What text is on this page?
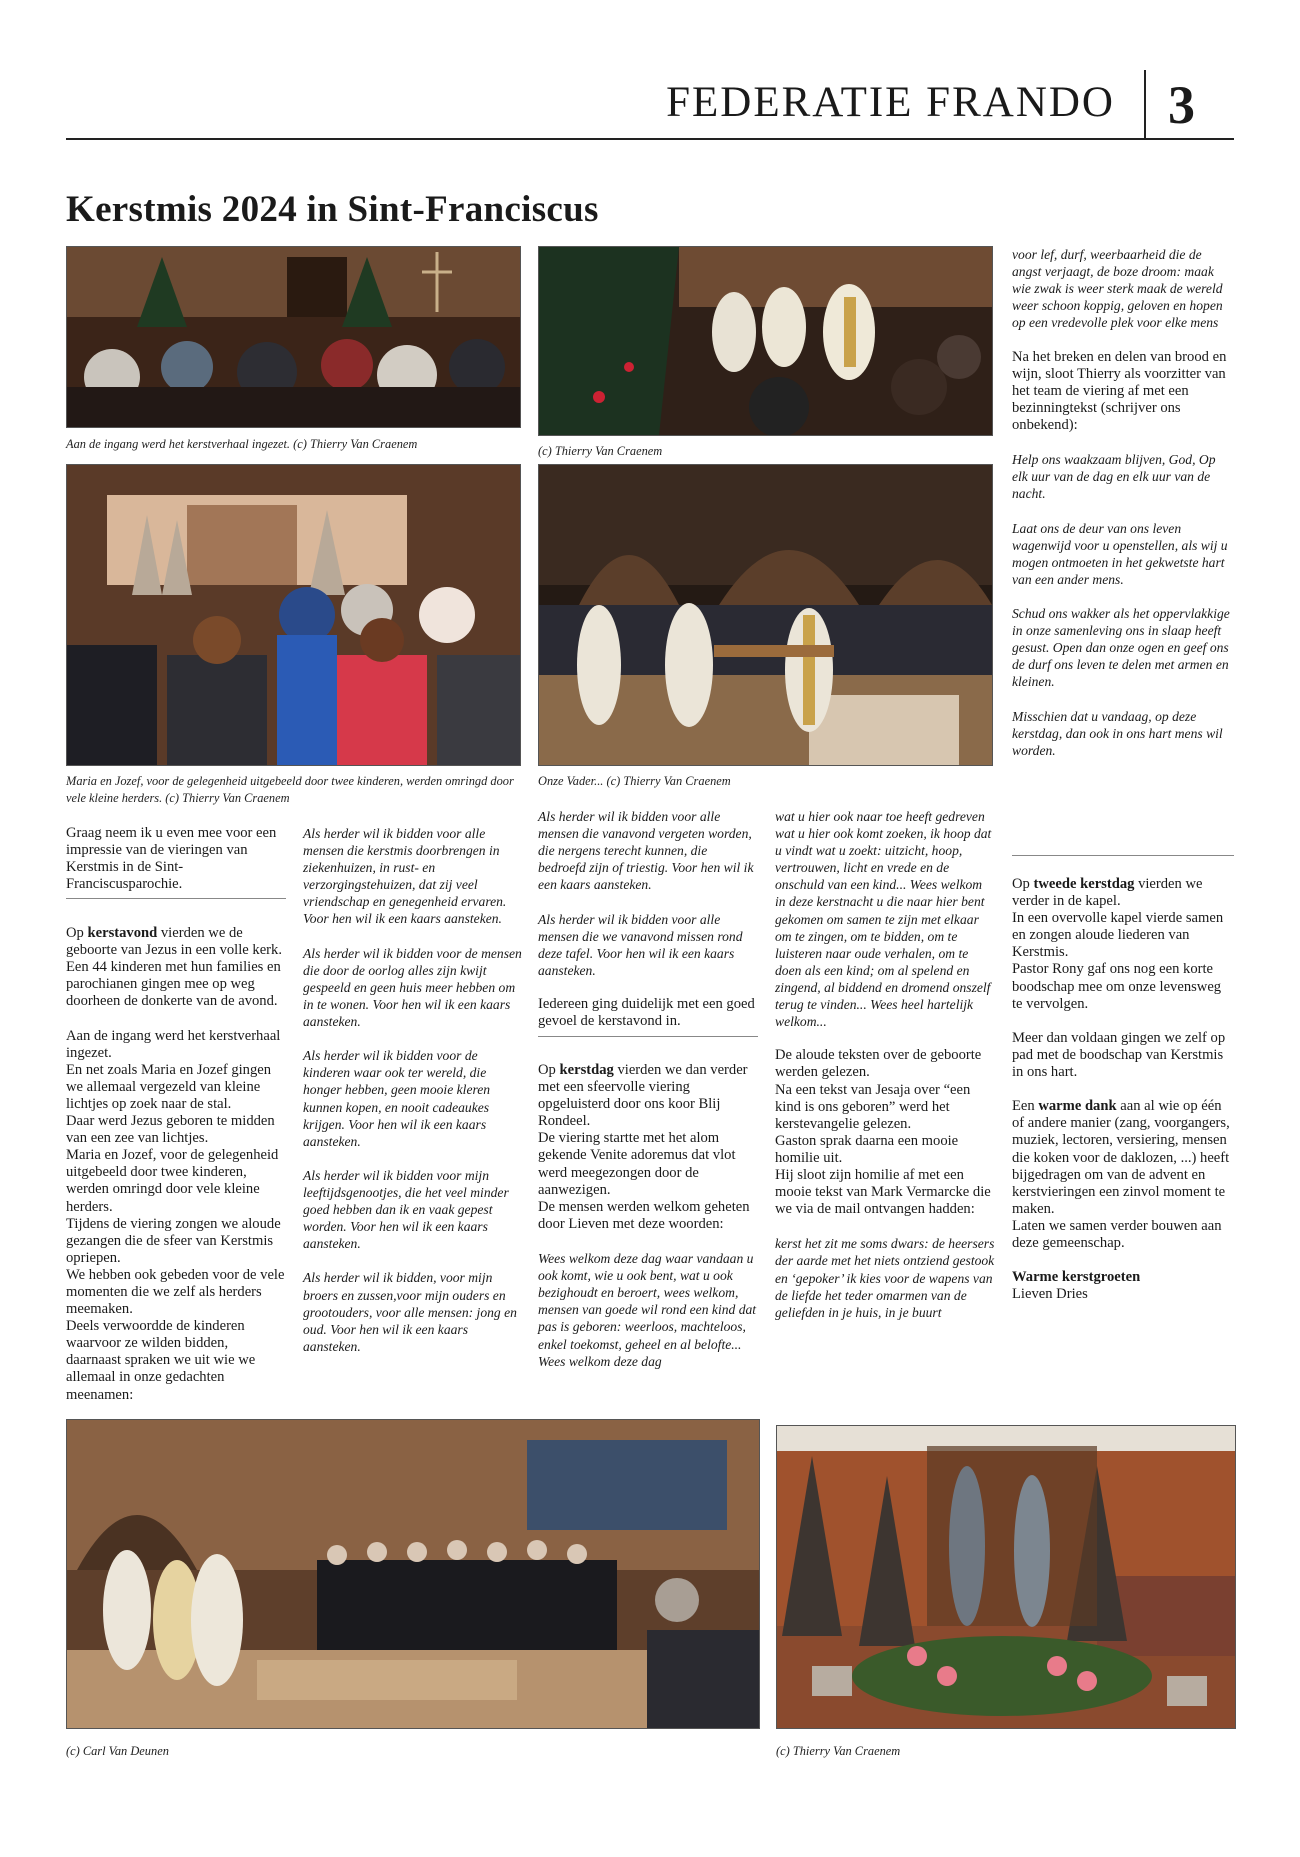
FEDERATIE FRANDO 3
Kerstmis 2024 in Sint-Franciscus
Aan de ingang werd het kerstverhaal ingezet. (c) Thierry Van Craenem	(c) Thierry Van Craenem
Maria en Jozef, voor de gelegenheid uitgebeeld door twee kinderen, werden omringd door vele kleine herders. (c) Thierry Van Craenem
Onze Vader... (c) Thierry Van Craenem

Graag neem ik u even mee voor een impressie van de vieringen van Kerstmis in de Sint-Franciscusparochie.

Op kerstavond vierden we de geboorte van Jezus in een volle kerk. Een 44 kinderen met hun families en parochianen gingen mee op weg doorheen de donkerte van de avond.

Aan de ingang werd het kerstverhaal ingezet.

En net zoals Maria en Jozef gingen we allemaal vergezeld van kleine lichtjes op zoek naar de stal.

Daar werd Jezus geboren te midden van een zee van lichtjes.

Maria en Jozef, voor de gelegenheid uitgebeeld door twee kinderen, werden omringd door vele kleine herders.

Tijdens de viering zongen we aloude gezangen die de sfeer van Kerstmis opriepen.

We hebben ook gebeden voor de vele momenten die we zelf als herders meemaken.

Deels verwoordde de kinderen waarvoor ze wilden bidden, daarnaast spraken we uit wie we allemaal in onze gedachten meenamen:

Als herder wil ik bidden voor alle mensen die kerstmis doorbrengen in ziekenhuizen, in rust- en verzorgingstehuizen, dat zij veel vriendschap en genegenheid ervaren. Voor hen wil ik een kaars aansteken.

Als herder wil ik bidden voor de mensen die door de oorlog alles zijn kwijt gespeeld en geen huis meer hebben om in te wonen. Voor hen wil ik een kaars aansteken.

Als herder wil ik bidden voor de kinderen waar ook ter wereld, die honger hebben, geen mooie kleren kunnen kopen, en nooit cadeaukes krijgen. Voor hen wil ik een kaars aansteken.

Als herder wil ik bidden voor mijn leeftijdsgenootjes, die het veel minder goed hebben dan ik en vaak gepest worden. Voor hen wil ik een kaars aansteken.

Als herder wil ik bidden, voor mijn broers en zussen,voor mijn ouders en grootouders, voor alle mensen: jong en oud. Voor hen wil ik een kaars aansteken.

Als herder wil ik bidden voor alle mensen die vanavond vergeten worden, die nergens terecht kunnen, die bedroefd zijn of triestig. Voor hen wil ik een kaars aansteken.

Als herder wil ik bidden voor alle mensen die we vanavond missen rond deze tafel. Voor hen wil ik een kaars aansteken.

Iedereen ging duidelijk met een goed gevoel de kerstavond in.

Op kerstdag vierden we dan verder met een sfeervolle viering opgeluisterd door ons koor Blij Rondeel.

De viering startte met het alom gekende Venite adoremus dat vlot werd meegezongen door de aanwezigen.

De mensen werden welkom geheten door Lieven met deze woorden:

Wees welkom deze dag waar vandaan u ook komt, wie u ook bent, wat u ook bezighoudt en beroert, wees welkom, mensen van goede wil rond een kind dat pas is geboren: weerloos, machteloos, enkel toekomst, geheel en al belofte... Wees welkom deze dag

wat u hier ook naar toe heeft gedreven wat u hier ook komt zoeken, ik hoop dat u vindt wat u zoekt: uitzicht, hoop, vertrouwen, licht en vrede en de onschuld van een kind... Wees welkom in deze kerstnacht u die naar hier bent gekomen om samen te zijn met elkaar om te zingen, om te bidden, om te luisteren naar oude verhalen, om te doen als een kind; om al spelend en zingend, al biddend en dromend onszelf terug te vinden... Wees heel hartelijk welkom...

De aloude teksten over de geboorte werden gelezen.

Na een tekst van Jesaja over “een kind is ons geboren” werd het kerstevangelie gelezen.

Gaston sprak daarna een mooie homilie uit.

Hij sloot zijn homilie af met een mooie tekst van Mark Vermarcke die we via de mail ontvangen hadden:

kerst het zit me soms dwars: de heersers der aarde met het niets ontziend gestook en ‘gepoker’ ik kies voor de wapens van de liefde het teder omarmen van de geliefden in je huis, in je buurt

voor lef, durf, weerbaarheid die de angst verjaagt, de boze droom: maak wie zwak is weer sterk maak de wereld weer schoon koppig, geloven en hopen op een vredevolle plek voor elke mens

Na het breken en delen van brood en wijn, sloot Thierry als voorzitter van het team de viering af met een bezinningtekst (schrijver ons onbekend):

Help ons waakzaam blijven, God, Op elk uur van de dag en elk uur van de nacht.

Laat ons de deur van ons leven wagenwijd voor u openstellen, als wij u mogen ontmoeten in het gekwetste hart van een ander mens.

Schud ons wakker als het oppervlakkige in onze samenleving ons in slaap heeft gesust. Open dan onze ogen en geef ons de durf ons leven te delen met armen en kleinen.

Misschien dat u vandaag, op deze kerstdag, dan ook in ons hart mens wil worden.

Op tweede kerstdag vierden we verder in de kapel.

In een overvolle kapel vierde samen en zongen aloude liederen van Kerstmis.

Pastor Rony gaf ons nog een korte boodschap mee om onze levensweg te vervolgen.

Meer dan voldaan gingen we zelf op pad met de boodschap van Kerstmis in ons hart.

Een warme dank aan al wie op één of andere manier (zang, voorgangers, muziek, lectoren, versiering, mensen die koken voor de daklozen, ...) heeft bijgedragen om van de advent en kerstvieringen een zinvol moment te maken.

Laten we samen verder bouwen aan deze gemeenschap.

Warme kerstgroeten

Lieven Dries

(c) Carl Van Deunen	(c) Thierry Van Craenem
